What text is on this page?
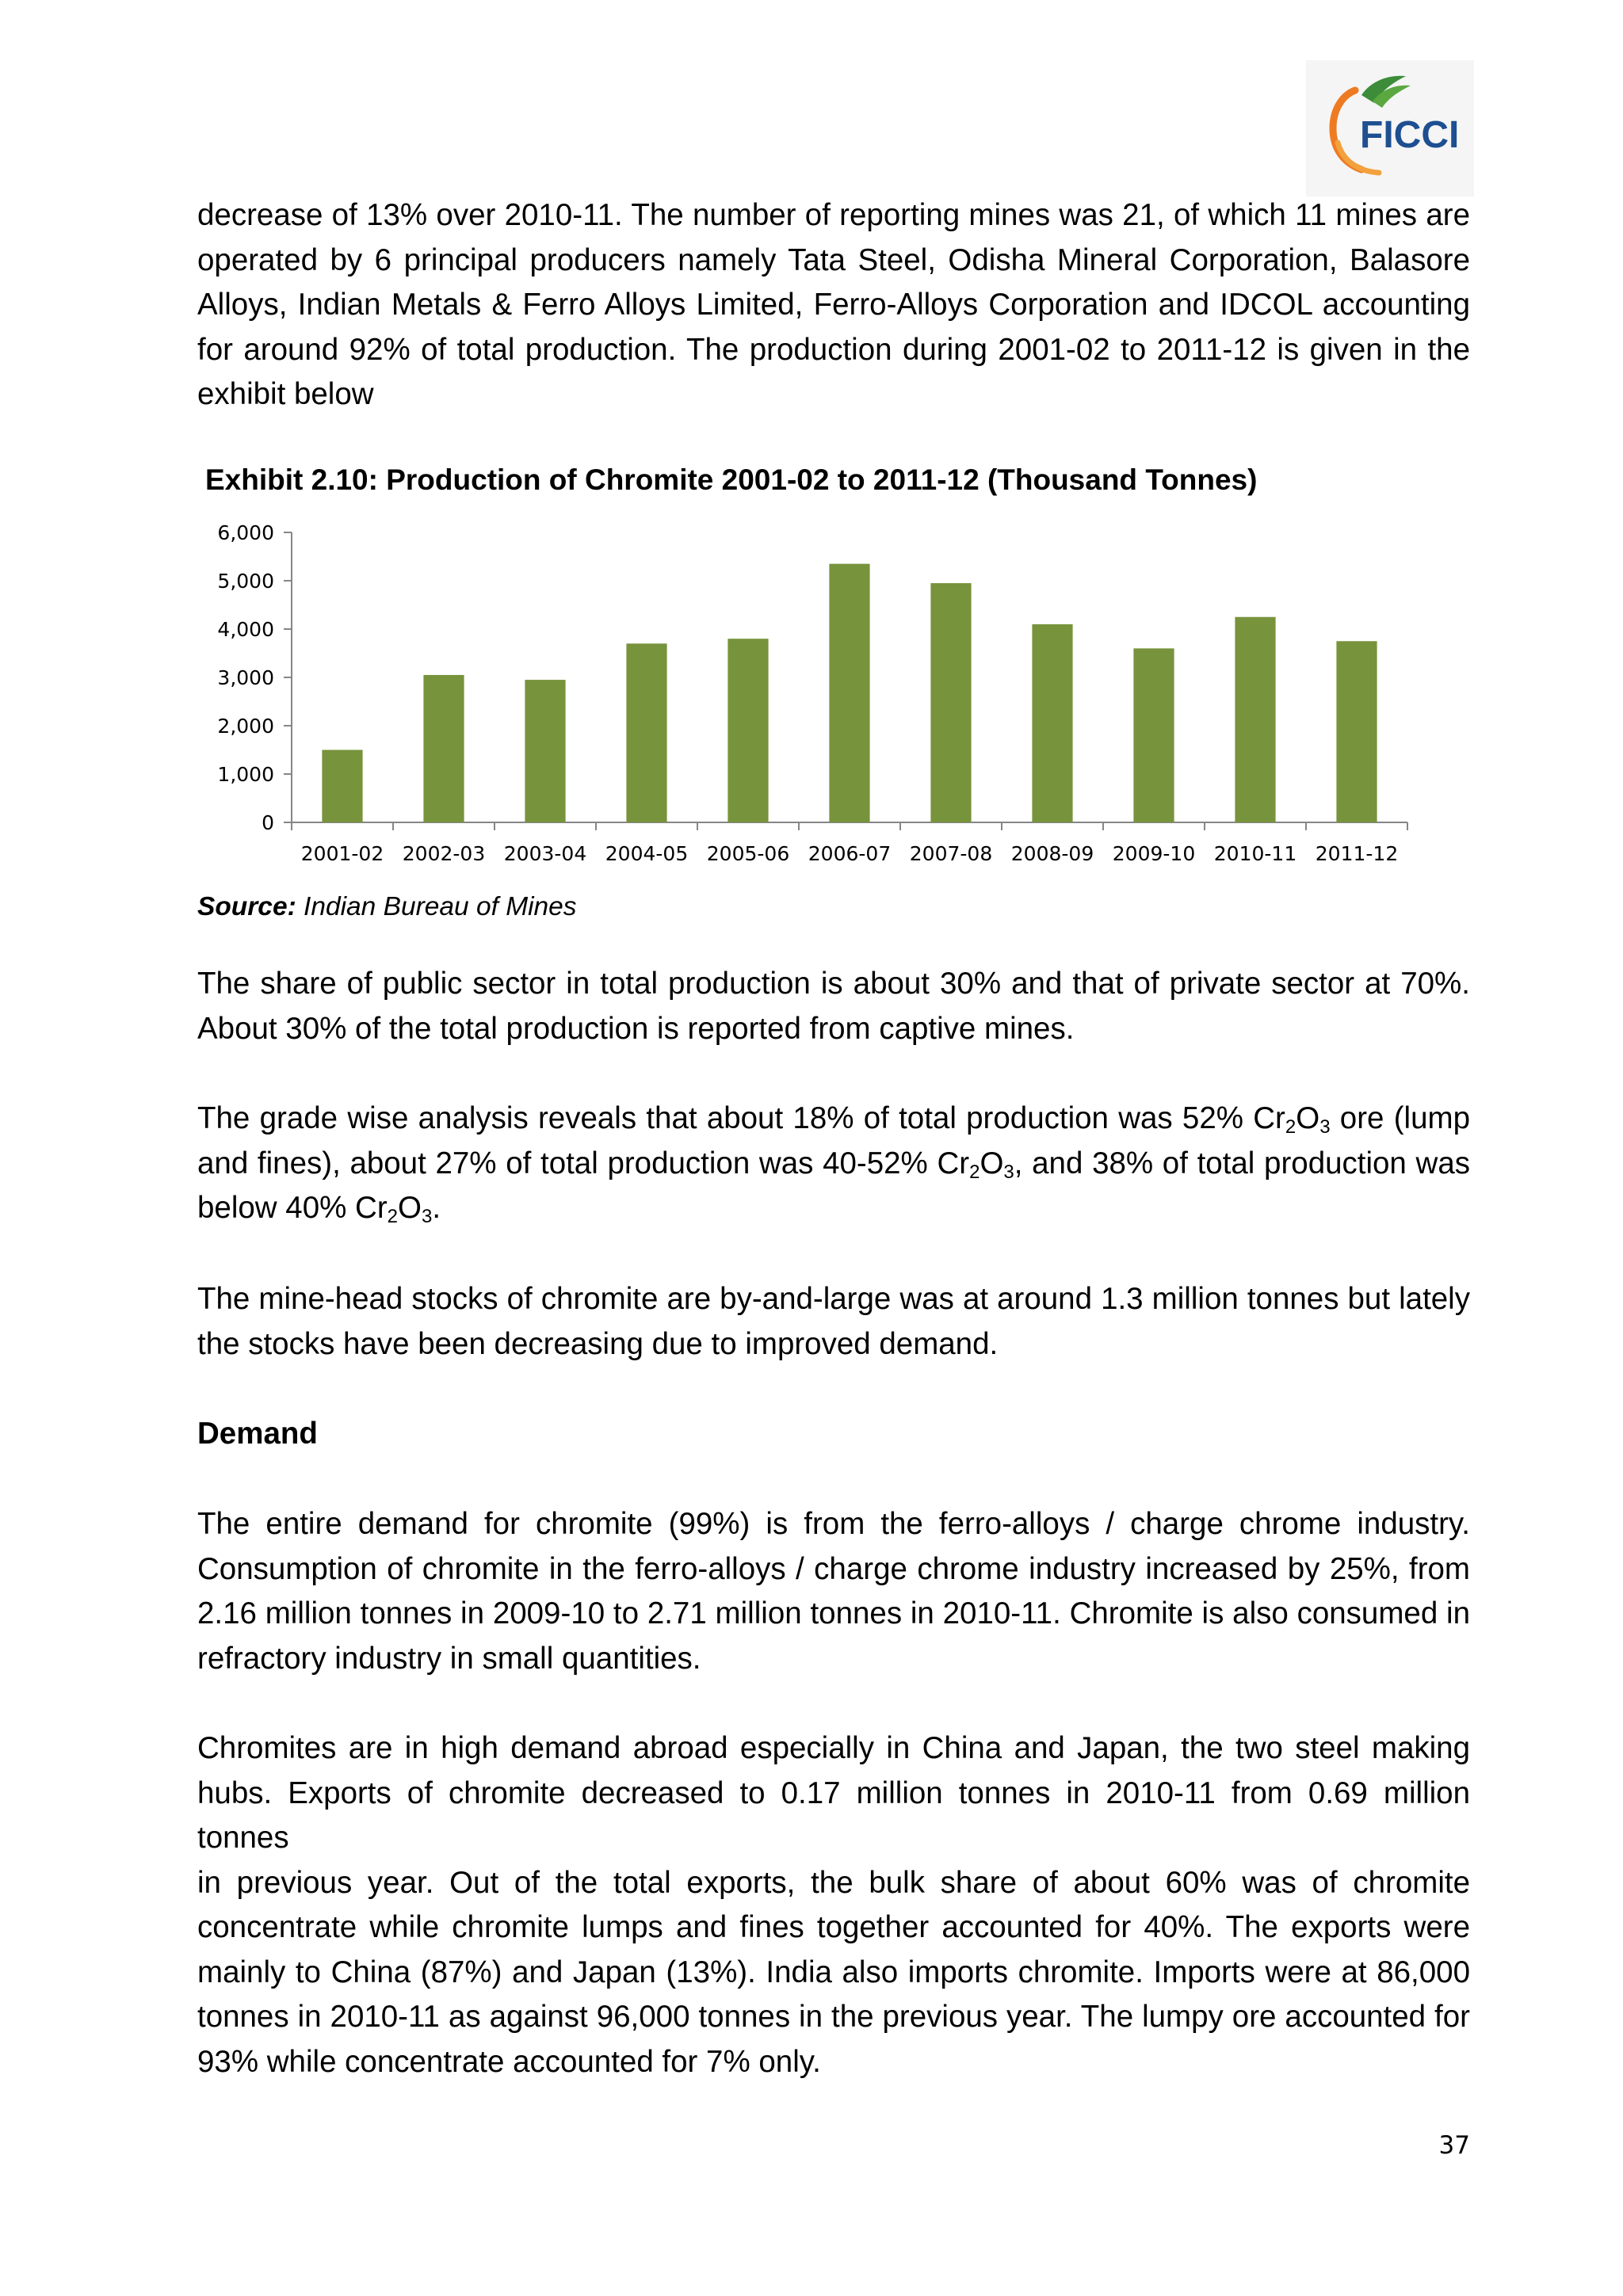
FICCI

decrease of 13% over 2010-11. The number of reporting mines was 21, of which 11 mines are
operated by 6 principal producers namely Tata Steel, Odisha Mineral Corporation, Balasore
Alloys, Indian Metals & Ferro Alloys Limited, Ferro-Alloys Corporation and IDCOL accounting
for around 92% of total production. The production during 2001-02 to 2011-12 is given in the
exhibit below

Exhibit 2.10: Production of Chromite 2001-02 to 2011-12 (Thousand Tonnes)

0
1,000
2,000
3,000
4,000
5,000
6,000
2001-02 2002-03 2003-04 2004-05 2005-06 2006-07 2007-08 2008-09 2009-10 2010-11 2011-12

Source: Indian Bureau of Mines

The share of public sector in total production is about 30% and that of private sector at 70%.
About 30% of the total production is reported from captive mines.

The grade wise analysis reveals that about 18% of total production was 52% $Cr_2O_3$ ore (lump
and fines), about 27% of total production was 40-52% $Cr_2O_3$, and 38% of total production was
below 40% $Cr_2O_3$.

The mine-head stocks of chromite are by-and-large was at around 1.3 million tonnes but lately
the stocks have been decreasing due to improved demand.

Demand

The entire demand for chromite (99%) is from the ferro-alloys / charge chrome industry.
Consumption of chromite in the ferro-alloys / charge chrome industry increased by 25%, from
2.16 million tonnes in 2009-10 to 2.71 million tonnes in 2010-11. Chromite is also consumed in
refractory industry in small quantities.

Chromites are in high demand abroad especially in China and Japan, the two steel making
hubs. Exports of chromite decreased to 0.17 million tonnes in 2010-11 from 0.69 million tonnes
in previous year. Out of the total exports, the bulk share of about 60% was of chromite
concentrate while chromite lumps and fines together accounted for 40%. The exports were
mainly to China (87%) and Japan (13%). India also imports chromite. Imports were at 86,000
tonnes in 2010-11 as against 96,000 tonnes in the previous year. The lumpy ore accounted for
93% while concentrate accounted for 7% only.

37
